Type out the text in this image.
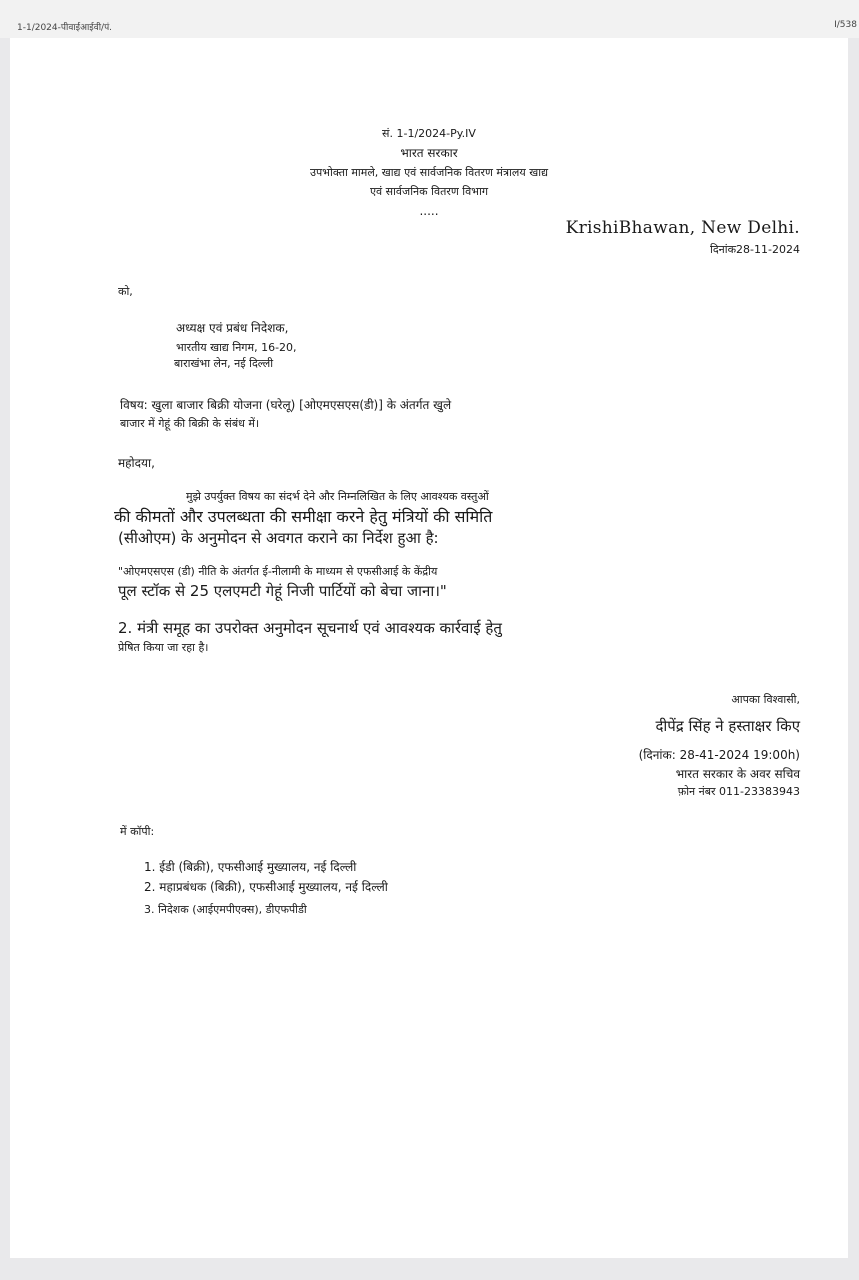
1-1/2024-पीवाईआईवी/पं.	I/538
सं. 1-1/2024-Py.IV
भारत सरकार
उपभोक्ता मामले, खाद्य एवं सार्वजनिक वितरण मंत्रालय खाद्य
एवं सार्वजनिक वितरण विभाग
.....
KrishiBhawan, New Delhi.
दिनांक28-11-2024
को,
अध्यक्ष एवं प्रबंध निदेशक,
भारतीय खाद्य निगम, 16-20,
बाराखंभा लेन, नई दिल्ली
विषय: खुला बाजार बिक्री योजना (घरेलू) [ओएमएसएस(डी)] के अंतर्गत खुले
बाजार में गेहूं की बिक्री के संबंध में।
महोदया,
मुझे उपर्युक्त विषय का संदर्भ देने और निम्नलिखित के लिए आवश्यक वस्तुओं
की कीमतों और उपलब्धता की समीक्षा करने हेतु मंत्रियों की समिति
(सीओएम) के अनुमोदन से अवगत कराने का निर्देश हुआ है:
"ओएमएसएस (डी) नीति के अंतर्गत ई-नीलामी के माध्यम से एफसीआई के केंद्रीय
पूल स्टॉक से 25 एलएमटी गेहूं निजी पार्टियों को बेचा जाना।"
2. मंत्री समूह का उपरोक्त अनुमोदन सूचनार्थ एवं आवश्यक कार्रवाई हेतु
प्रेषित किया जा रहा है।
आपका विश्वासी,
दीपेंद्र सिंह ने हस्ताक्षर किए
(दिनांक: 28-41-2024 19:00h)
भारत सरकार के अवर सचिव
फ़ोन नंबर 011-23383943
में कॉपी:
1. ईडी (बिक्री), एफसीआई मुख्यालय, नई दिल्ली
2. महाप्रबंधक (बिक्री), एफसीआई मुख्यालय, नई दिल्ली
3. निदेशक (आईएमपीएक्स), डीएफपीडी
